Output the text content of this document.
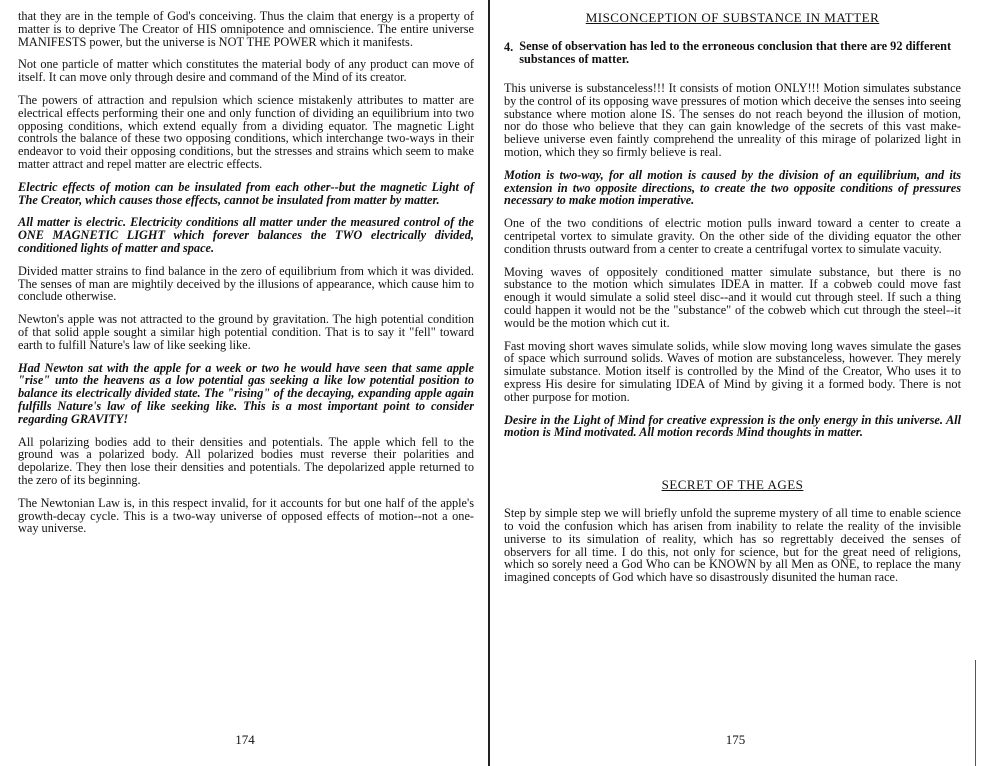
that they are in the temple of God's conceiving. Thus the claim that energy is a property of matter is to deprive The Creator of HIS omnipotence and omniscience. The entire universe MANIFESTS power, but the universe is NOT THE POWER which it manifests.

Not one particle of matter which constitutes the material body of any product can move of itself. It can move only through desire and command of the Mind of its creator.

The powers of attraction and repulsion which science mistakenly attributes to matter are electrical effects performing their one and only function of dividing an equilibrium into two opposing conditions, which extend equally from a dividing equator. The magnetic Light controls the balance of these two opposing conditions, which interchange two-ways in their endeavor to void their opposing conditions, but the stresses and strains which seem to make matter attract and repel matter are electric effects.

Electric effects of motion can be insulated from each other--but the magnetic Light of The Creator, which causes those effects, cannot be insulated from matter by matter.

All matter is electric. Electricity conditions all matter under the measured control of the ONE MAGNETIC LIGHT which forever balances the TWO electrically divided, conditioned lights of matter and space.

Divided matter strains to find balance in the zero of equilibrium from which it was divided. The senses of man are mightily deceived by the illusions of appearance, which cause him to conclude otherwise.

Newton's apple was not attracted to the ground by gravitation. The high potential condition of that solid apple sought a similar high potential condition. That is to say it "fell" toward earth to fulfill Nature's law of like seeking like.

Had Newton sat with the apple for a week or two he would have seen that same apple "rise" unto the heavens as a low potential gas seeking a like low potential position to balance its electrically divided state. The "rising" of the decaying, expanding apple again fulfills Nature's law of like seeking like. This is a most important point to consider regarding GRAVITY!

All polarizing bodies add to their densities and potentials. The apple which fell to the ground was a polarized body. All polarized bodies must reverse their polarities and depolarize. They then lose their densities and potentials. The depolarized apple returned to the zero of its beginning.

The Newtonian Law is, in this respect invalid, for it accounts for but one half of the apple's growth-decay cycle. This is a two-way universe of opposed effects of motion--not a one-way universe.

174
MISCONCEPTION OF SUBSTANCE IN MATTER
4. Sense of observation has led to the erroneous conclusion that there are 92 different substances of matter.

This universe is substanceless!!! It consists of motion ONLY!!! Motion simulates substance by the control of its opposing wave pressures of motion which deceive the senses into seeing substance where motion alone IS. The senses do not reach beyond the illusion of motion, nor do those who believe that they can gain knowledge of the secrets of this vast make-believe universe even faintly comprehend the unreality of this mirage of polarized light in motion, which they so firmly believe is real.

Motion is two-way, for all motion is caused by the division of an equilibrium, and its extension in two opposite directions, to create the two opposite conditions of pressures necessary to make motion imperative.

One of the two conditions of electric motion pulls inward toward a center to create a centripetal vortex to simulate gravity. On the other side of the dividing equator the other condition thrusts outward from a center to create a centrifugal vortex to simulate vacuity.

Moving waves of oppositely conditioned matter simulate substance, but there is no substance to the motion which simulates IDEA in matter. If a cobweb could move fast enough it would simulate a solid steel disc--and it would cut through steel. If such a thing could happen it would not be the "substance" of the cobweb which cut through the steel--it would be the motion which cut it.

Fast moving short waves simulate solids, while slow moving long waves simulate the gases of space which surround solids. Waves of motion are substanceless, however. They merely simulate substance. Motion itself is controlled by the Mind of the Creator, Who uses it to express His desire for simulating IDEA of Mind by giving it a formed body. There is not other purpose for motion.

Desire in the Light of Mind for creative expression is the only energy in this universe. All motion is Mind motivated. All motion records Mind thoughts in matter.

SECRET OF THE AGES

Step by simple step we will briefly unfold the supreme mystery of all time to enable science to void the confusion which has arisen from inability to relate the reality of the invisible universe to its simulation of reality, which has so regrettably deceived the senses of observers for all time. I do this, not only for science, but for the great need of religions, which so sorely need a God Who can be KNOWN by all Men as ONE, to replace the many imagined concepts of God which have so disastrously disunited the human race.

175
